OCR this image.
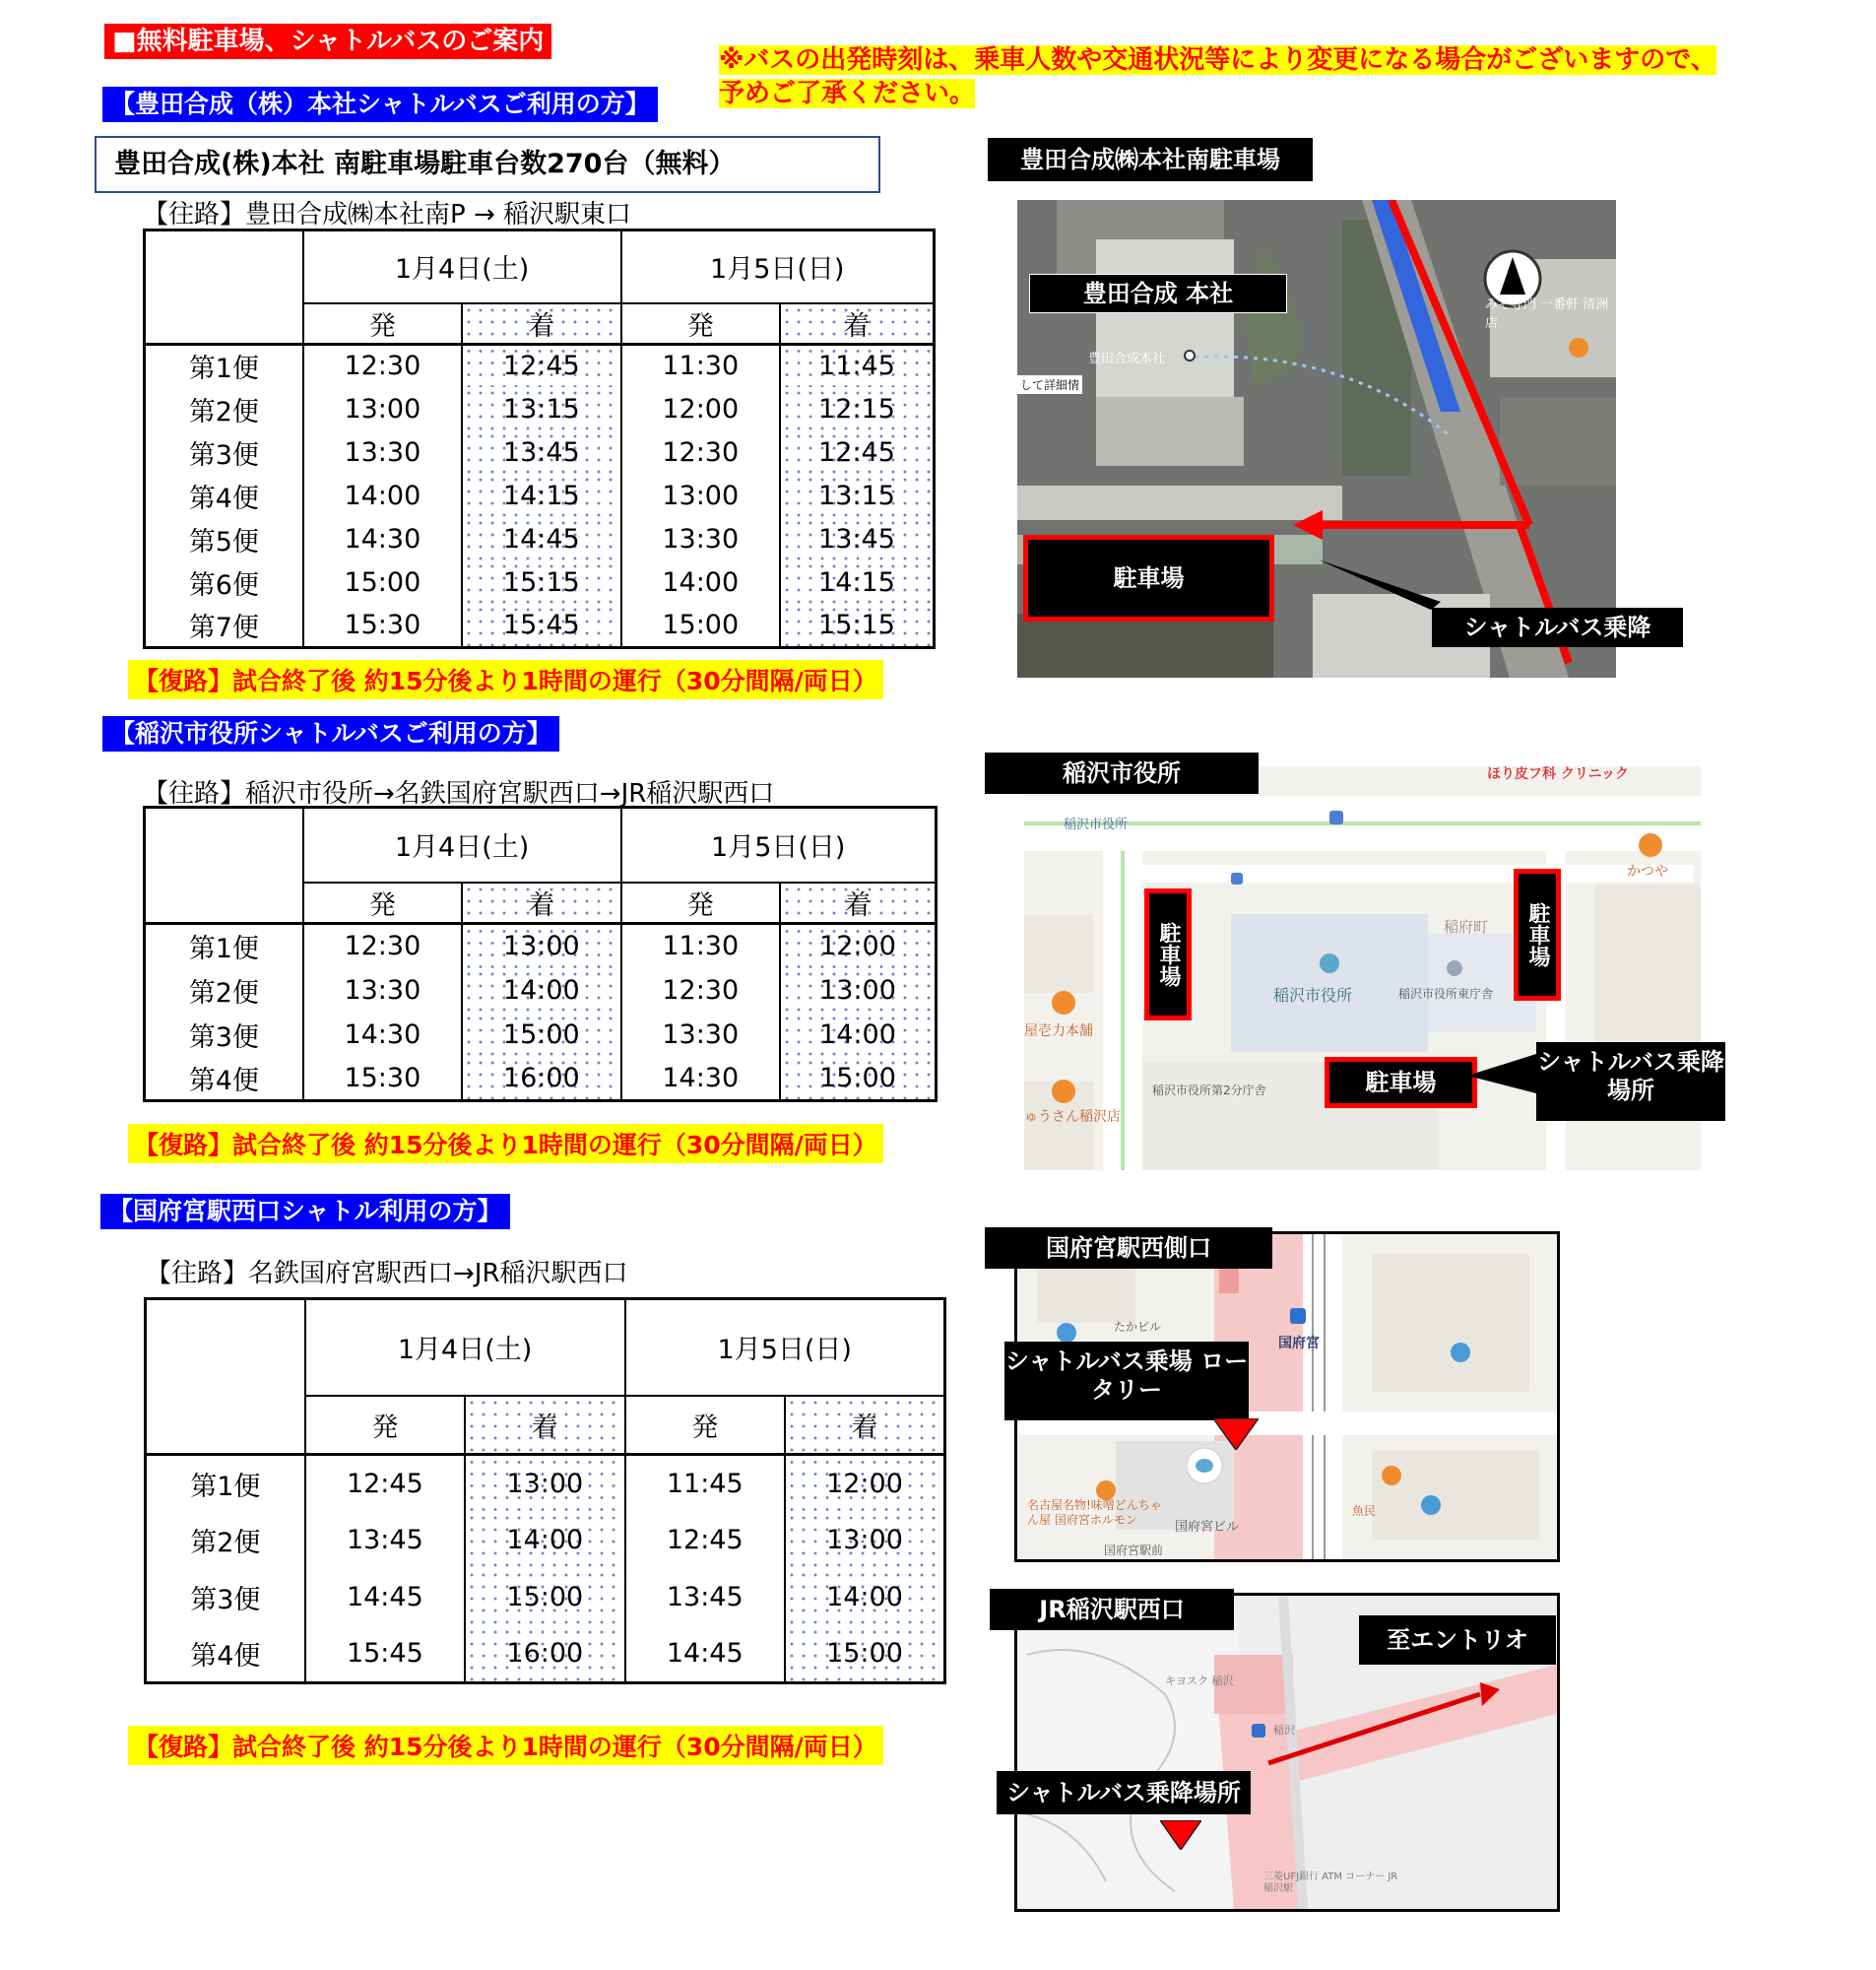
■無料駐車場、シャトルバスのご案内
※バスの出発時刻は、乗車人数や交通状況等により変更になる場合がございますので、
予めご了承ください。
【豊田合成（株）本社シャトルバスご利用の方】
豊田合成(株)本社 南駐車場駐車台数270台（無料）
【往路】豊田合成㈱本社南P → 稲沢駅東口
	1月4日(土)		1月5日(日)	
	発	着	発	着
第1便	12:30	12:45	11:30	11:45
第2便	13:00	13:15	12:00	12:15
第3便	13:30	13:45	12:30	12:45
第4便	14:00	14:15	13:00	13:15
第5便	14:30	14:45	13:30	13:45
第6便	15:00	15:15	14:00	14:15
第7便	15:30	15:45	15:00	15:15
【復路】試合終了後 約15分後より1時間の運行（30分間隔/両日）
豊田合成㈱本社南駐車場
豊田合成 本社
豊田合成本社
して詳細情
みそ専門 一番軒 清洲店
駐車場
シャトルバス乗降
【稲沢市役所シャトルバスご利用の方】
【往路】稲沢市役所→名鉄国府宮駅西口→JR稲沢駅西口
	1月4日(土)		1月5日(日)	
	発	着	発	着
第1便	12:30	13:00	11:30	12:00
第2便	13:30	14:00	12:30	13:00
第3便	14:30	15:00	13:30	14:00
第4便	15:30	16:00	14:30	15:00
【復路】試合終了後 約15分後より1時間の運行（30分間隔/両日）
ほり皮フ科 クリニック
稲沢市役所
かつや
稲府町
稲沢市役所	稲沢市役所東庁舎
屋壱力本舗
稲沢市役所第2分庁舎
ゅうさん稲沢店
稲沢市役所
駐車場	駐車場
駐車場
シャトルバス乗降場所
【国府宮駅西口シャトル利用の方】
【往路】名鉄国府宮駅西口→JR稲沢駅西口
	1月4日(土)		1月5日(日)	
	発	着	発	着
第1便	12:45	13:00	11:45	12:00
第2便	13:45	14:00	12:45	13:00
第3便	14:45	15:00	13:45	14:00
第4便	15:45	16:00	14:45	15:00
【復路】試合終了後 約15分後より1時間の運行（30分間隔/両日）
たかビル
国府宮
名古屋名物!味噌どんちゃん屋 国府宮ホルモン	国府宮ビル
国府宮駅前
魚民
国府宮駅西側口
シャトルバス乗場 ロータリー
キヨスク 稲沢
稲沢
三菱UFJ銀行 ATM コーナー JR稲沢駅
JR稲沢駅西口
至エントリオ
シャトルバス乗降場所
